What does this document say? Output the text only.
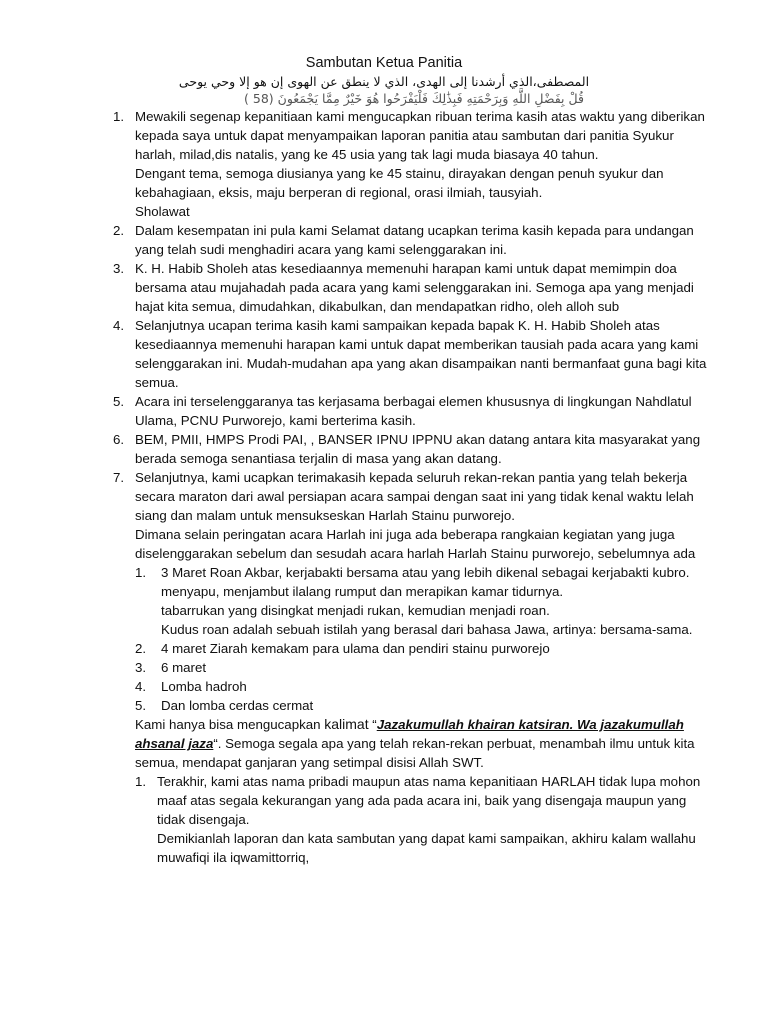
Sambutan Ketua Panitia
المصطفى،الذي أرشدنا إلى الهدى، الذي لا ينطق عن الهوى إن هو إلا وحي يوحى
قُلْ بِفَضْلِ اللَّهِ وَبِرَحْمَتِهِ فَبِذَٰلِكَ فَلْيَفْرَحُوا هُوَ خَيْرٌ مِمَّا يَجْمَعُونَ (58 )
1. Mewakili segenap kepanitiaan kami mengucapkan ribuan terima kasih atas waktu yang diberikan kepada saya untuk dapat menyampaikan laporan panitia atau sambutan dari panitia Syukur harlah, milad,dis natalis, yang ke 45 usia yang tak lagi muda biasaya 40 tahun.

Dengant tema, semoga diusianya yang ke 45 stainu, dirayakan dengan penuh syukur dan kebahagiaan, eksis, maju berperan di regional, orasi ilmiah, tausyiah.

Sholawat

2. Dalam kesempatan ini pula kami Selamat datang ucapkan terima kasih kepada para undangan yang telah sudi menghadiri acara yang kami selenggarakan ini.

3. K. H. Habib Sholeh atas kesediaannya memenuhi harapan kami untuk dapat memimpin doa bersama atau mujahadah pada acara yang kami selenggarakan ini. Semoga apa yang menjadi hajat kita semua, dimudahkan, dikabulkan, dan mendapatkan ridho, oleh alloh sub

4. Selanjutnya ucapan terima kasih kami sampaikan kepada bapak K. H. Habib Sholeh atas kesediaannya memenuhi harapan kami untuk dapat memberikan tausiah pada acara yang kami selenggarakan ini. Mudah-mudahan apa yang akan disampaikan nanti bermanfaat guna bagi kita semua.

5. Acara ini terselenggaranya tas kerjasama berbagai elemen khususnya di lingkungan Nahdlatul Ulama, PCNU Purworejo, kami berterima kasih.

6. BEM, PMII, HMPS Prodi PAI, , BANSER IPNU IPPNU akan datang antara kita masyarakat yang berada semoga senantiasa terjalin di masa yang akan datang.

7. Selanjutnya, kami ucapkan terimakasih kepada seluruh rekan-rekan pantia yang telah bekerja secara maraton dari awal persiapan acara sampai dengan saat ini yang tidak kenal waktu lelah siang dan malam untuk mensukseskan Harlah Stainu purworejo.

Dimana selain peringatan acara Harlah ini juga ada beberapa rangkaian kegiatan yang juga diselenggarakan sebelum dan sesudah acara harlah Harlah Stainu purworejo, sebelumnya ada

1. 3 Maret Roan Akbar, kerjabakti bersama atau yang lebih dikenal sebagai kerjabakti kubro. menyapu, menjambut ilalang rumput dan merapikan kamar tidurnya.

tabarrukan yang disingkat menjadi rukan, kemudian menjadi roan.

Kudus roan adalah sebuah istilah yang berasal dari bahasa Jawa, artinya: bersama-sama.

2. 4 maret Ziarah kemakam para ulama dan pendiri stainu purworejo

3. 6 maret

4. Lomba hadroh

5. Dan lomba cerdas cermat

Kami hanya bisa mengucapkan kalimat “Jazakumullah khairan katsiran. Wa jazakumullah ahsanal jaza“. Semoga segala apa yang telah rekan-rekan perbuat, menambah ilmu untuk kita semua, mendapat ganjaran yang setimpal disisi Allah SWT.
1. Terakhir, kami atas nama pribadi maupun atas nama kepanitiaan HARLAH tidak lupa mohon maaf atas segala kekurangan yang ada pada acara ini, baik yang disengaja maupun yang tidak disengaja.

Demikianlah laporan dan kata sambutan yang dapat kami sampaikan, akhiru kalam wallahu muwafiqi ila iqwamittorriq,
